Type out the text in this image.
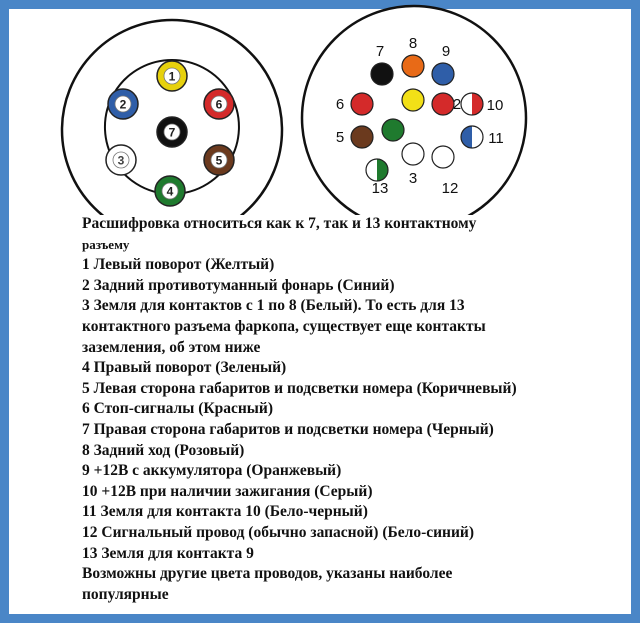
1
2
3
4
5
6
7
7 8 9
6	2 10
5	11
13
3
12
Расшифровка относиться как к 7, так и 13 контактному
разъему
1 Левый поворот (Желтый)
2 Задний противотуманный фонарь (Синий)
3 Земля для контактов с 1 по 8 (Белый). То есть для 13
контактного разъема фаркопа, существует еще контакты
заземления, об этом ниже
4 Правый поворот (Зеленый)
5 Левая сторона габаритов и подсветки номера (Коричневый)
6 Стоп-сигналы (Красный)
7 Правая сторона габаритов и подсветки номера (Черный)
8 Задний ход (Розовый)
9 +12В с аккумулятора (Оранжевый)
10 +12В при наличии зажигания (Серый)
11 Земля для контакта 10 (Бело-черный)
12 Сигнальный провод (обычно запасной) (Бело-синий)
13 Земля для контакта 9
Возможны другие цвета проводов, указаны наиболее
популярные
